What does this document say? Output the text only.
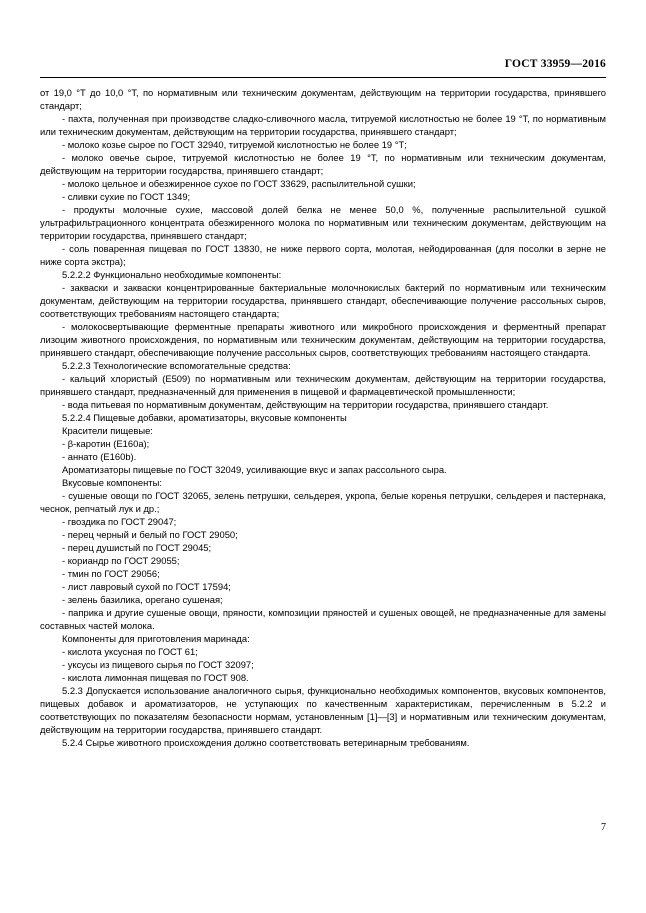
ГОСТ 33959—2016

от 19,0 °Т до 10,0 °Т, по нормативным или техническим документам, действующим на территории государства, принявшего стандарт;

- пахта, полученная при производстве сладко-сливочного масла, титруемой кислотностью не более 19 °Т, по нормативным или техническим документам, действующим на территории государства, принявшего стандарт;

- молоко козье сырое по ГОСТ 32940, титруемой кислотностью не более 19 °Т;

- молоко овечье сырое, титруемой кислотностью не более 19 °Т, по нормативным или техническим документам, действующим на территории государства, принявшего стандарт;

- молоко цельное и обезжиренное сухое по ГОСТ 33629, распылительной сушки;

- сливки сухие по ГОСТ 1349;

- продукты молочные сухие, массовой долей белка не менее 50,0 %, полученные распылительной сушкой ультрафильтрационного концентрата обезжиренного молока по нормативным или техническим документам, действующим на территории государства, принявшего стандарт;

- соль поваренная пищевая по ГОСТ 13830, не ниже первого сорта, молотая, нейодированная (для посолки в зерне не ниже сорта экстра);

5.2.2.2 Функционально необходимые компоненты:

- закваски и заквaски концентрированные бактериальные молочнокислых бактерий по нормативным или техническим документам, действующим на территории государства, принявшего стандарт, обеспечивающие получение рассольных сыров, соответствующих требованиям настоящего стандарта;

- молокосвертывающие ферментные препараты животного или микробного происхождения и ферментный препарат лизоцим животного происхождения, по нормативным или техническим документам, действующим на территории государства, принявшего стандарт, обеспечивающие получение рассольных сыров, соответствующих требованиям настоящего стандарта.

5.2.2.3 Технологические вспомогательные средства:

- кальций хлористый (Е509) по нормативным или техническим документам, действующим на территории государства, принявшего стандарт, предназначенный для применения в пищевой и фармацевтической промышленности;

- вода питьевая по нормативным документам, действующим на территории государства, принявшего стандарт.

5.2.2.4 Пищевые добавки, ароматизаторы, вкусовые компоненты

Красители пищевые:

- β-каротин (Е160а);

- аннато (Е160b).

Ароматизаторы пищевые по ГОСТ 32049, усиливающие вкус и запах рассольного сыра.

Вкусовые компоненты:

- сушеные овощи по ГОСТ 32065, зелень петрушки, сельдерея, укропа, белые коренья петрушки, сельдерея и пастернака, чеснок, репчатый лук и др.;

- гвоздика по ГОСТ 29047;

- перец черный и белый по ГОСТ 29050;

- перец душистый по ГОСТ 29045;

- кориандр по ГОСТ 29055;

- тмин по ГОСТ 29056;

- лист лавровый сухой по ГОСТ 17594;

- зелень базилика, орегано сушеная;

- паприка и другие сушеные овощи, пряности, композиции пряностей и сушеных овощей, не предназначенные для замены составных частей молока.

Компоненты для приготовления маринада:

- кислота уксусная по ГОСТ 61;

- уксусы из пищевого сырья по ГОСТ 32097;

- кислота лимонная пищевая по ГОСТ 908.

5.2.3 Допускается использование аналогичного сырья, функционально необходимых компонентов, вкусовых компонентов, пищевых добавок и ароматизаторов, не уступающих по качественным характеристикам, перечисленным в 5.2.2 и соответствующих по показателям безопасности нормам, установленным [1]—[3] и нормативным или техническим документам, действующим на территории государства, принявшего стандарт.

5.2.4 Сырье животного происхождения должно соответствовать ветеринарным требованиям.

7
